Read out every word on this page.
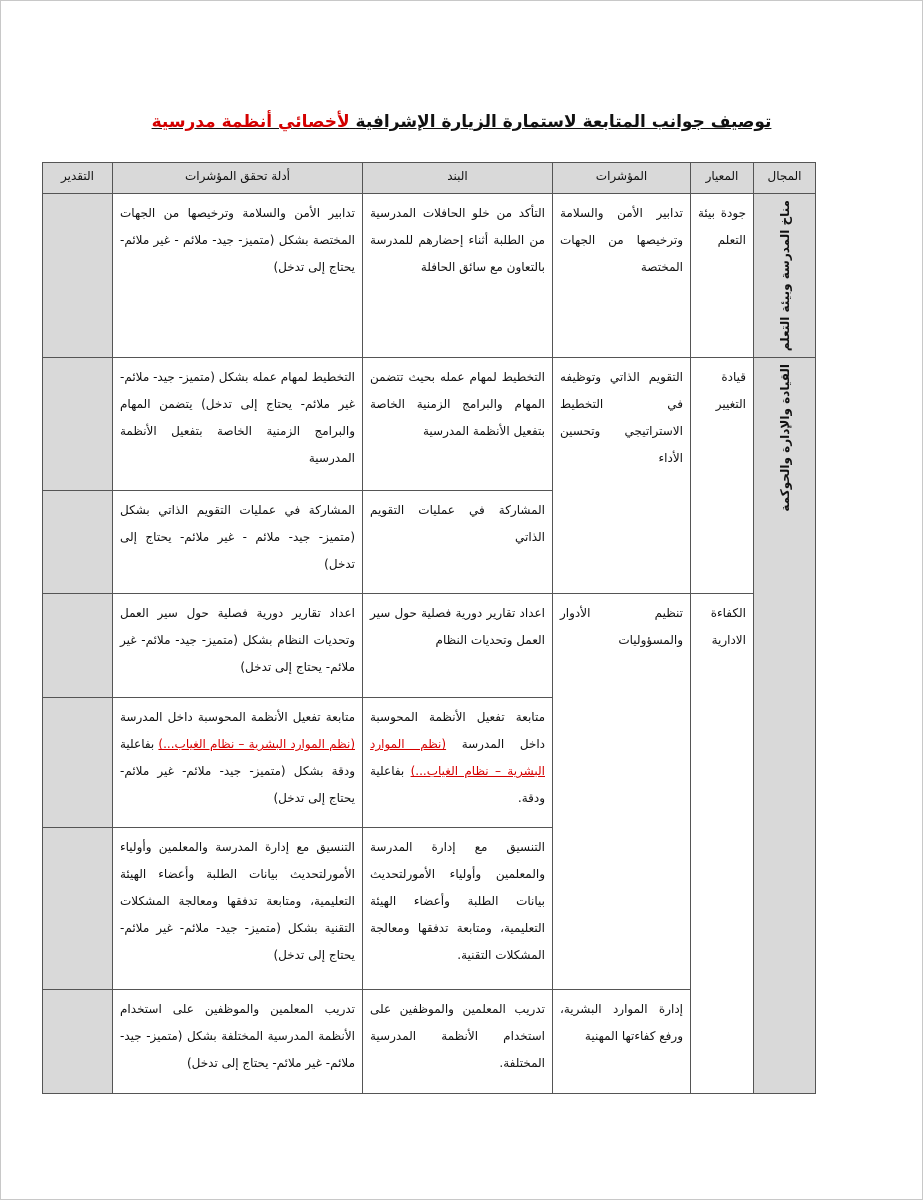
توصيف جوانب المتابعة لاستمارة الزيارة الإشرافية لأخصائي أنظمة مدرسية
المجال	المعيار	المؤشرات	البند	أدلة تحقق المؤشرات	التقدير

مناخ المدرسة وبيئة التعلم	جودة بيئة التعلم	تدابير الأمن والسلامة وترخيصها من الجهات المختصة	التأكد من خلو الحافلات المدرسية من الطلبة أثناء إحضارهم للمدرسة بالتعاون مع سائق الحافلة	تدابير الأمن والسلامة وترخيصها من الجهات المختصة بشكل (متميز- جيد- ملائم - غير ملائم- يحتاج إلى تدخل)	

القيادة والإدارة والحوكمة	قيادة التغيير	التقويم الذاتي وتوظيفه في التخطيط الاستراتيجي وتحسين الأداء	التخطيط لمهام عمله بحيث تتضمن المهام والبرامج الزمنية الخاصة بتفعيل الأنظمة المدرسية	التخطيط لمهام عمله بشكل (متميز- جيد- ملائم- غير ملائم- يحتاج إلى تدخل) يتضمن المهام والبرامج الزمنية الخاصة بتفعيل الأنظمة المدرسية	
			المشاركة في عمليات التقويم الذاتي	المشاركة في عمليات التقويم الذاتي بشكل (متميز- جيد- ملائم - غير ملائم- يحتاج إلى تدخل)	
	الكفاءة الادارية	تنظيم الأدوار والمسؤوليات	اعداد تقارير دورية فصلية حول سير العمل وتحديات النظام	اعداد تقارير دورية فصلية حول سير العمل وتحديات النظام بشكل (متميز- جيد- ملائم- غير ملائم- يحتاج إلى تدخل)	
			متابعة تفعيل الأنظمة المحوسبة داخل المدرسة (نظم الموارد البشرية – نظام الغياب...) بفاعلية ودقة.	متابعة تفعيل الأنظمة المحوسبة داخل المدرسة (نظم الموارد البشرية – نظام الغياب...) بفاعلية ودقة بشكل (متميز- جيد- ملائم- غير ملائم- يحتاج إلى تدخل)	
			التنسيق مع إدارة المدرسة والمعلمين وأولياء الأمورلتحديث بيانات الطلبة وأعضاء الهيئة التعليمية، ومتابعة تدفقها ومعالجة المشكلات التقنية.	التنسيق مع إدارة المدرسة والمعلمين وأولياء الأمورلتحديث بيانات الطلبة وأعضاء الهيئة التعليمية، ومتابعة تدفقها ومعالجة المشكلات التقنية بشكل (متميز- جيد- ملائم- غير ملائم- يحتاج إلى تدخل)	
		إدارة الموارد البشرية، ورفع كفاءتها المهنية	تدريب المعلمين والموظفين على استخدام الأنظمة المدرسية المختلفة.	تدريب المعلمين والموظفين على استخدام الأنظمة المدرسية المختلفة بشكل (متميز- جيد- ملائم- غير ملائم- يحتاج إلى تدخل)	
